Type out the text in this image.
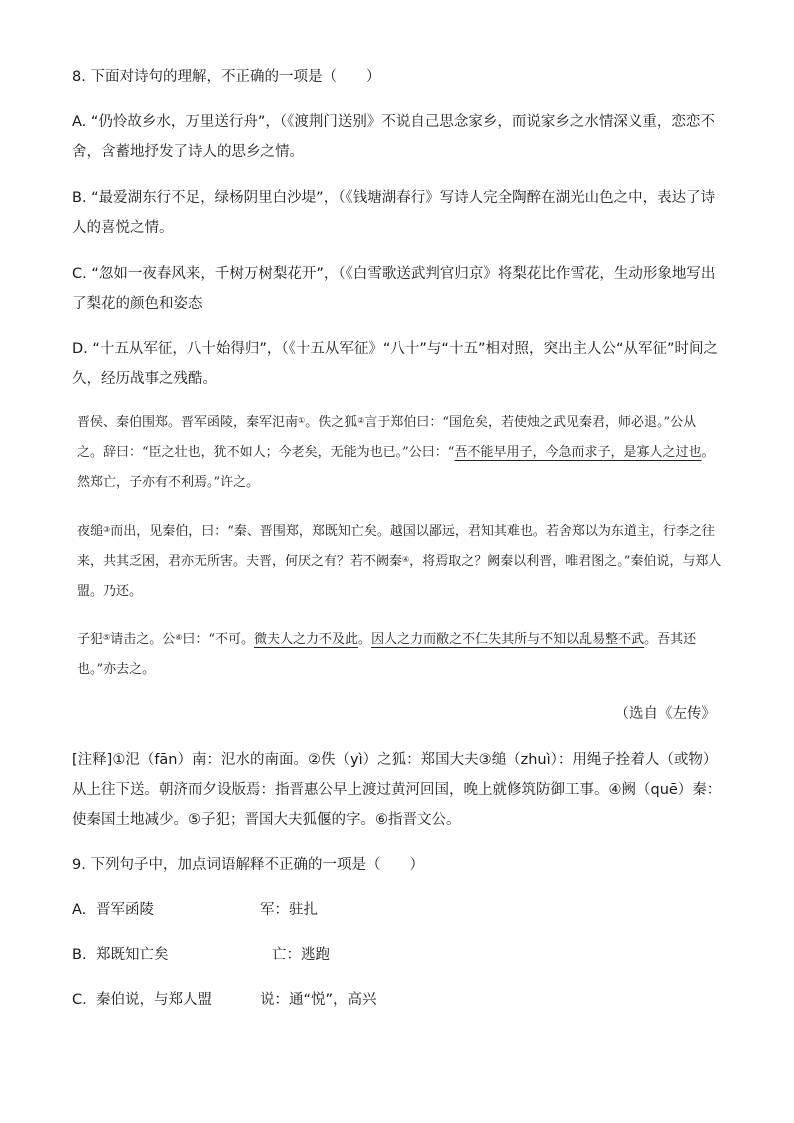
8. 下面对诗句的理解，不正确的一项是（　　）

A. “仍怜故乡水，万里送行舟”，（《渡荆门送别》不说自己思念家乡，而说家乡之水情深义重，恋恋不舍，含蓄地抒发了诗人的思乡之情。

B. “最爱湖东行不足，绿杨阴里白沙堤”，（《钱塘湖春行》写诗人完全陶醉在湖光山色之中，表达了诗人的喜悦之情。

C. “忽如一夜春风来，千树万树梨花开”，（《白雪歌送武判官归京》将梨花比作雪花，生动形象地写出了梨花的颜色和姿态

D. “十五从军征，八十始得归”，（《十五从军征》“八十”与“十五”相对照，突出主人公“从军征”时间之久，经历战事之残酷。

晋侯、秦伯围郑。晋军函陵，秦军氾南①。佚之狐②言于郑伯曰：“国危矣，若使烛之武见秦君，师必退。”公从之。辞曰：“臣之壮也，犹不如人；今老矣，无能为也已。”公曰：“吾不能早用子，今急而求子，是寡人之过也。然郑亡，子亦有不利焉。”许之。

夜缒③而出，见秦伯，曰：“秦、晋围郑，郑既知亡矣。越国以鄙远，君知其难也。若舍郑以为东道主，行李之往来，共其乏困，君亦无所害。夫晋，何厌之有？若不阙秦④，将焉取之？阙秦以利晋，唯君图之。”秦伯说，与郑人盟。乃还。

子犯⑤请击之。公⑥曰：“不可。微夫人之力不及此。因人之力而敝之不仁失其所与不知以乱易整不武。吾其还也。”亦去之。

（选自《左传》

[注释]①氾（fān）南：氾水的南面。②佚（yì）之狐：郑国大夫③缒（zhuì）：用绳子拴着人（或物）从上往下送。朝济而夕设版焉：指晋惠公早上渡过黄河回国，晚上就修筑防御工事。④阙（quē）秦：使秦国土地减少。⑤子犯；晋国大夫狐偃的字。⑥指晋文公。

9. 下列句子中，加点词语解释不正确的一项是（　　）

A. 晋军函陵	军：驻扎
B. 郑既知亡矣	亡：逃跑
C. 秦伯说，与郑人盟	说：通“悦”，高兴
